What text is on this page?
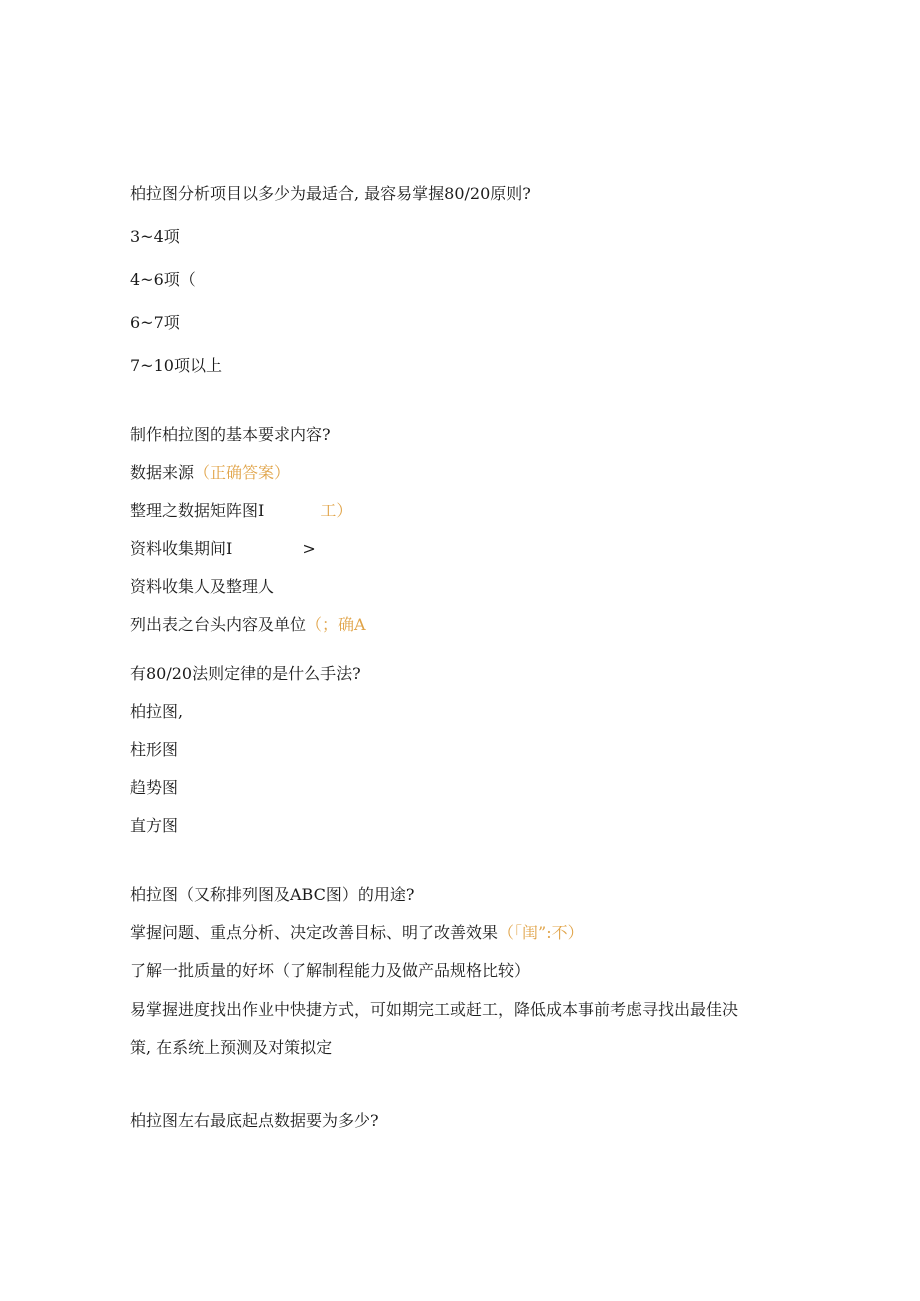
柏拉图分析项目以多少为最适合, 最容易掌握80/20原则?
3~4项
4~6项（
6~7项
7~10项以上
制作柏拉图的基本要求内容?
数据来源（正确答案）
整理之数据矩阵图I	工）
资料收集期间I	>
资料收集人及整理人
列出表之台头内容及单位（；确A
有80/20法则定律的是什么手法?
柏拉图,
柱形图
趋势图
直方图
柏拉图（又称排列图及ABC图）的用途?
掌握问题、重点分析、决定改善目标、明了改善效果（「闺”:不）
了解一批质量的好坏（了解制程能力及做产品规格比较）
易掌握进度找出作业中快捷方式，可如期完工或赶工，降低成本事前考虑寻找出最佳决
策, 在系统上预测及对策拟定
柏拉图左右最底起点数据要为多少?
